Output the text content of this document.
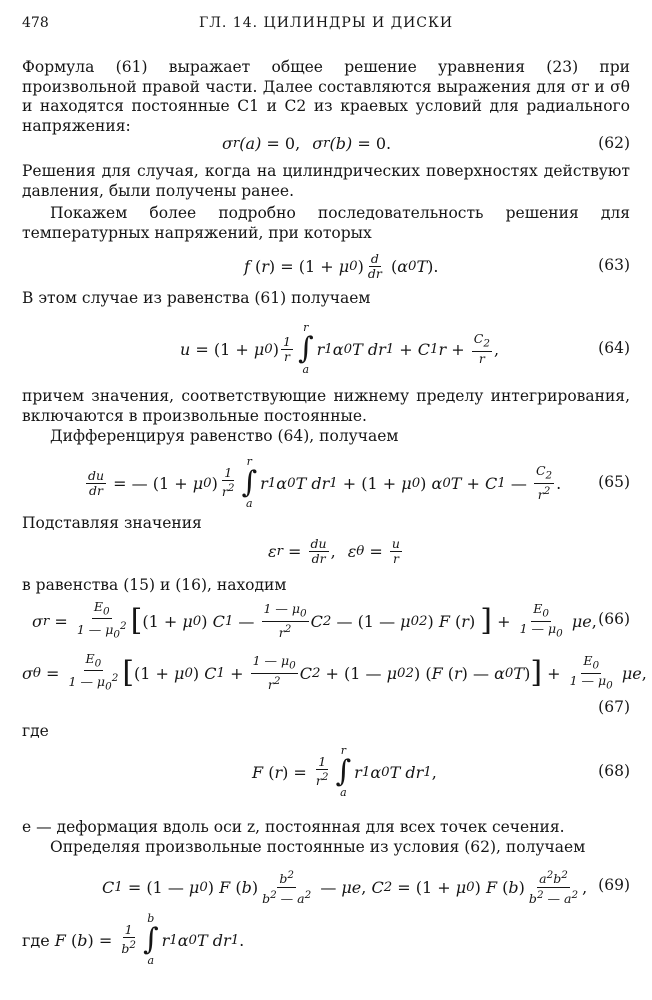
478	ГЛ. 14. ЦИЛИНДРЫ И ДИСКИ

Формула (61) выражает общее решение уравнения (23) при произвольной правой части. Далее составляются выражения для σr и σθ и находятся постоянные C1 и C2 из краевых условий для радиального напряжения:

σ r ( a ) = 0, σ r ( b ) = 0.	(62)

Решения для случая, когда на цилиндрических поверхностях действуют давления, были получены ранее.

Покажем более подробно последовательность решения для температурных напряжений, при которых

f ( r ) = (1 + μ 0 ) d
dr ( α 0 T ).	(63)

В этом случае из равенства (61) получаем

u = (1 + μ 0 ) 1
r
r
∫
a
r 1 α 0 T dr 1 + C 1 $r + \frac{C_2}{r}$ ,	(64)

причем значения, соответствующие нижнему пределу интегрирования, включаются в произвольные постоянные.

Дифференцируя равенство (64), получаем

$\frac{du}{dr}$ = — (1 + μ 0 )
1
$r^2$
r
∫
a
r 1 α 0 T dr 1 + (1 + μ 0 ) α 0 T + C 1 —
$C_2$
$r^2$ . (65)

Подставляя значения

ε $r = \frac{du}{dr}$ , ε $\theta = \frac{u}{r}$

в равенства (15) и (16), находим

σ $r = \frac{E_0}{1 — \mu_0^2}$ [ (1 + μ 0 ) C 1 —
1 — $\mu_0$
$r^2$ C 2 — (1 — μ 0 2 ) F ( r ) ] + $\frac{E_0}{1 — \mu_0}$ μe , (66)
σ $\theta = \frac{E_0}{1 — \mu_0^2}$ [ (1 + μ 0 ) C $1 + \frac{1 — \mu_0}{r^2}$ C 2 + (1 — μ 0 2 ) ( F ( r ) — α 0 T ) ] + $\frac{E_0}{1 — \mu_0}$ μe ,
(67)

где

F ( r ) = $\frac{1}{r^2}$
r
∫
a
r 1 α 0 T dr 1 ,	(68)

e — деформация вдоль оси z, постоянная для всех точек сечения.

Определяя произвольные постоянные из условия (62), получаем

C 1 = (1 — μ 0 ) F ( b ) $b^2$
$b^2$ — $a^2$ — μe , C 2 = (1 + μ 0 ) F ( b ) $a^2b^2$
$b^2$ — $a^2$ , (69)
где
F ( b ) = $\frac{1}{b^2}$
b
∫
a
r 1 α 0 T dr 1 .
